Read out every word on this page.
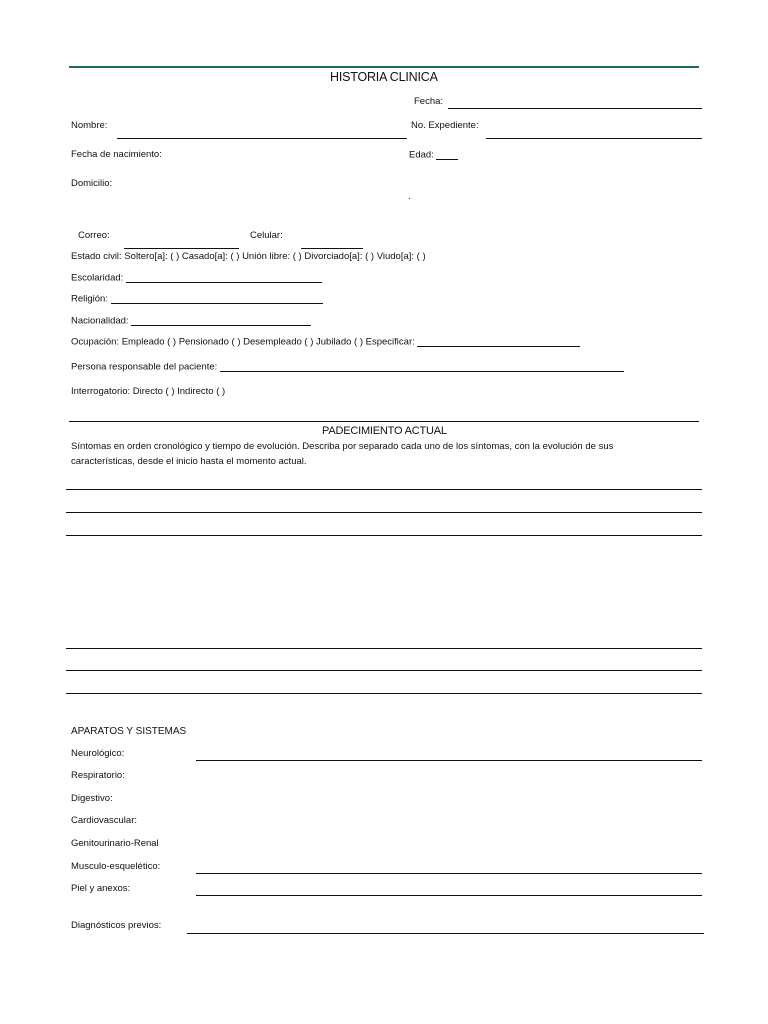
HISTORIA CLINICA
Fecha:
Nombre:	No. Expediente:
Fecha de nacimiento:	Edad:
Domicilio:
.
Correo:	Celular:
Estado civil: Soltero[a]: ( ) Casado[a]: ( ) Unión libre: ( ) Divorciado[a]: ( ) Viudo[a]: ( )
Escolaridad:
Religión:
Nacionalidad:
Ocupación: Empleado ( ) Pensionado ( ) Desempleado ( ) Jubilado ( ) Especificar:
Persona responsable del paciente:
Interrogatorio: Directo ( ) Indirecto ( )
PADECIMIENTO ACTUAL
Síntomas en orden cronológico y tiempo de evolución. Describa por separado cada uno de los síntomas, con la evolución de sus características, desde el inicio hasta el momento actual.
APARATOS Y SISTEMAS
Neurológico:
Respiratorio:
Digestivo:
Cardiovascular:
Genitourinario-Renal
Musculo-esquelético:
Piel y anexos:
Diagnósticos previos:
